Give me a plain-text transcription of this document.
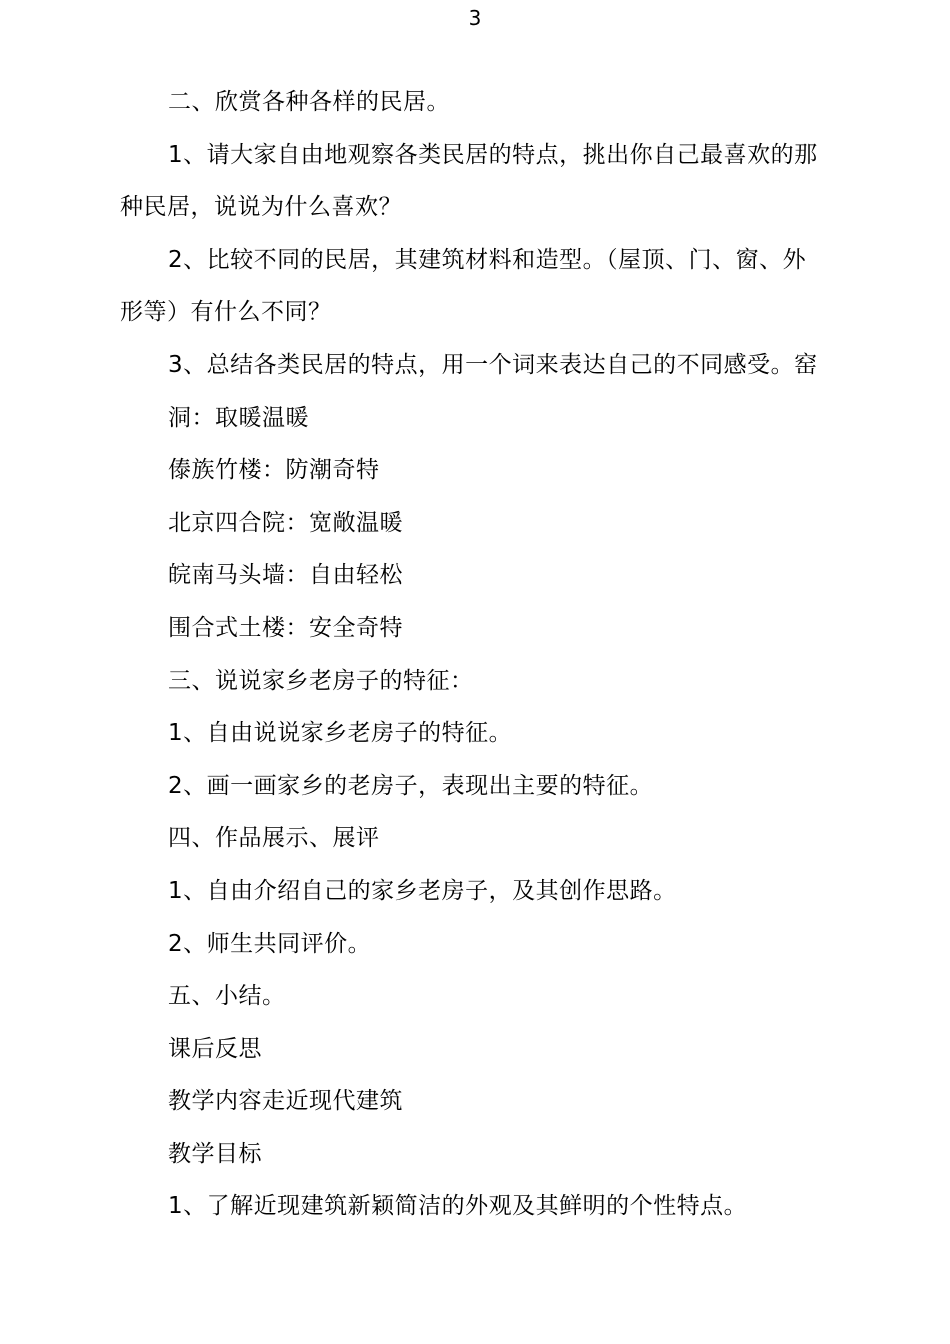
3
二、欣赏各种各样的民居。
1、请大家自由地观察各类民居的特点，挑出你自己最喜欢的那
种民居，说说为什么喜欢？
2、比较不同的民居，其建筑材料和造型。（屋顶、门、窗、外
形等）有什么不同？
3、总结各类民居的特点，用一个词来表达自己的不同感受。窑
洞：取暖温暖
傣族竹楼：防潮奇特
北京四合院：宽敞温暖
皖南马头墙：自由轻松
围合式土楼：安全奇特
三、说说家乡老房子的特征：
1、自由说说家乡老房子的特征。
2、画一画家乡的老房子，表现出主要的特征。
四、作品展示、展评
1、自由介绍自己的家乡老房子，及其创作思路。
2、师生共同评价。
五、小结。
课后反思
教学内容走近现代建筑
教学目标
1、了解近现建筑新颖简洁的外观及其鲜明的个性特点。
